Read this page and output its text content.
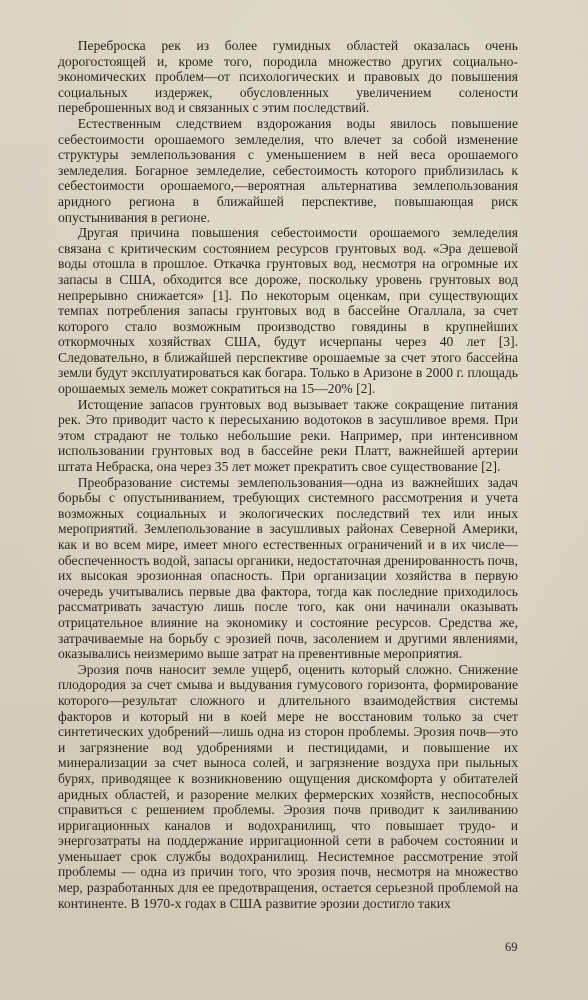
Переброска рек из более гумидных областей оказалась очень дорогостоящей и, кроме того, породила множество других социально-экономических проблем—от психологических и правовых до повышения социальных издержек, обусловленных увеличением солености переброшенных вод и связанных с этим последствий.

Естественным следствием вздорожания воды явилось повышение себестоимости орошаемого земледелия, что влечет за собой изменение структуры землепользования с уменьшением в ней веса орошаемого земледелия. Богарное земледелие, себестоимость которого приблизилась к себестоимости орошаемого,—вероятная альтернатива землепользования аридного региона в ближайшей перспективе, повышающая риск опустынивания в регионе.

Другая причина повышения себестоимости орошаемого земледелия связана с критическим состоянием ресурсов грунтовых вод. «Эра дешевой воды отошла в прошлое. Откачка грунтовых вод, несмотря на огромные их запасы в США, обходится все дороже, поскольку уровень грунтовых вод непрерывно снижается» [1]. По некоторым оценкам, при существующих темпах потребления запасы грунтовых вод в бассейне Огаллала, за счет которого стало возможным производство говядины в крупнейших откормочных хозяйствах США, будут исчерпаны через 40 лет [3]. Следовательно, в ближайшей перспективе орошаемые за счет этого бассейна земли будут эксплуатироваться как богара. Только в Аризоне в 2000 г. площадь орошаемых земель может сократиться на 15—20% [2].

Истощение запасов грунтовых вод вызывает также сокращение питания рек. Это приводит часто к пересыханию водотоков в засушливое время. При этом страдают не только небольшие реки. Например, при интенсивном использовании грунтовых вод в бассейне реки Платт, важнейшей артерии штата Небраска, она через 35 лет может прекратить свое существование [2].

Преобразование системы землепользования—одна из важнейших задач борьбы с опустыниванием, требующих системного рассмотрения и учета возможных социальных и экологических последствий тех или иных мероприятий. Землепользование в засушливых районах Северной Америки, как и во всем мире, имеет много естественных ограничений и в их числе—обеспеченность водой, запасы органики, недостаточная дренированность почв, их высокая эрозионная опасность. При организации хозяйства в первую очередь учитывались первые два фактора, тогда как последние приходилось рассматривать зачастую лишь после того, как они начинали оказывать отрицательное влияние на экономику и состояние ресурсов. Средства же, затрачиваемые на борьбу с эрозией почв, засолением и другими явлениями, оказывались неизмеримо выше затрат на превентивные мероприятия.

Эрозия почв наносит земле ущерб, оценить который сложно. Снижение плодородия за счет смыва и выдувания гумусового горизонта, формирование которого—результат сложного и длительного взаимодействия системы факторов и который ни в коей мере не восстановим только за счет синтетических удобрений—лишь одна из сторон проблемы. Эрозия почв—это и загрязнение вод удобрениями и пестицидами, и повышение их минерализации за счет выноса солей, и загрязнение воздуха при пыльных бурях, приводящее к возникновению ощущения дискомфорта у обитателей аридных областей, и разорение мелких фермерских хозяйств, неспособных справиться с решением проблемы. Эрозия почв приводит к заиливанию ирригационных каналов и водохранилищ, что повышает трудо- и энергозатраты на поддержание ирригационной сети в рабочем состоянии и уменьшает срок службы водохранилищ. Несистемное рассмотрение этой проблемы — одна из причин того, что эрозия почв, несмотря на множество мер, разработанных для ее предотвращения, остается серьезной проблемой на континенте. В 1970-х годах в США развитие эрозии достигло таких

69
